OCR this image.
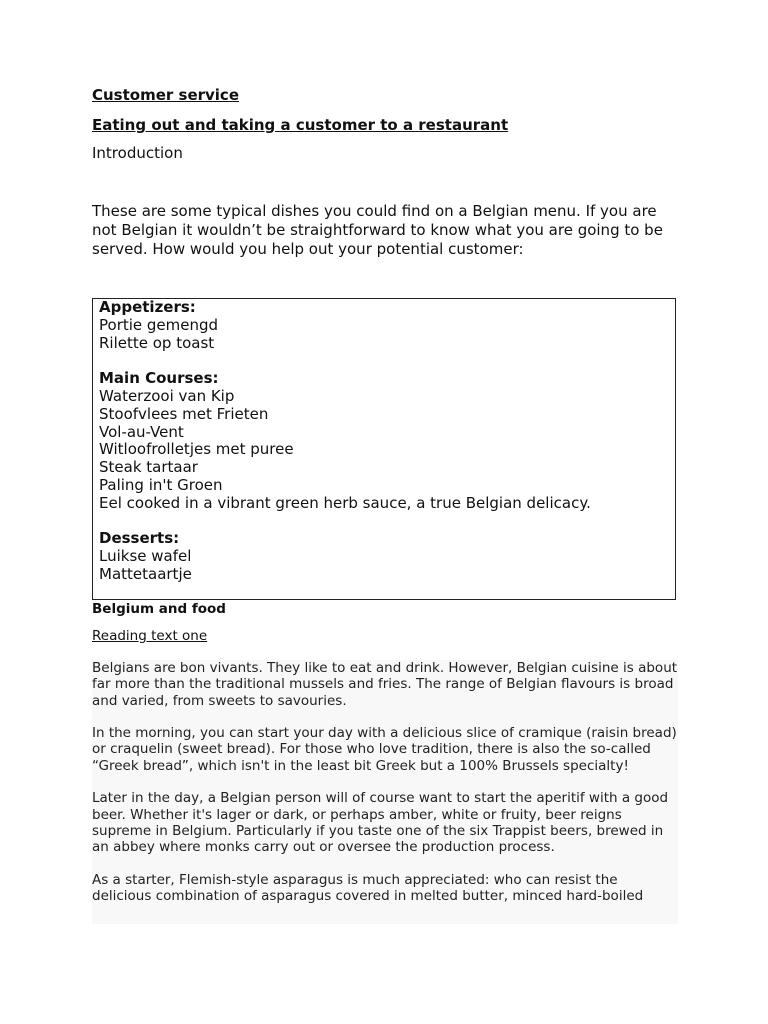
Customer service
Eating out and taking a customer to a restaurant
Introduction

These are some typical dishes you could find on a Belgian menu. If you are not Belgian it wouldn’t be straightforward to know what you are going to be served. How would you help out your potential customer:

Appetizers:
Portie gemengd
Rilette op toast
Main Courses:
Waterzooi van Kip
Stoofvlees met Frieten
Vol-au-Vent
Witloofrolletjes met puree
Steak tartaar
Paling in't Groen
Eel cooked in a vibrant green herb sauce, a true Belgian delicacy.
Desserts:
Luikse wafel
Mattetaartje
Belgium and food
Reading text one

Belgians are bon vivants. They like to eat and drink. However, Belgian cuisine is about far more than the traditional mussels and fries. The range of Belgian flavours is broad and varied, from sweets to savouries.

In the morning, you can start your day with a delicious slice of cramique (raisin bread) or craquelin (sweet bread). For those who love tradition, there is also the so-called “Greek bread”, which isn't in the least bit Greek but a 100% Brussels specialty!

Later in the day, a Belgian person will of course want to start the aperitif with a good beer. Whether it's lager or dark, or perhaps amber, white or fruity, beer reigns supreme in Belgium. Particularly if you taste one of the six Trappist beers, brewed in an abbey where monks carry out or oversee the production process.

As a starter, Flemish-style asparagus is much appreciated: who can resist the delicious combination of asparagus covered in melted butter, minced hard-boiled
